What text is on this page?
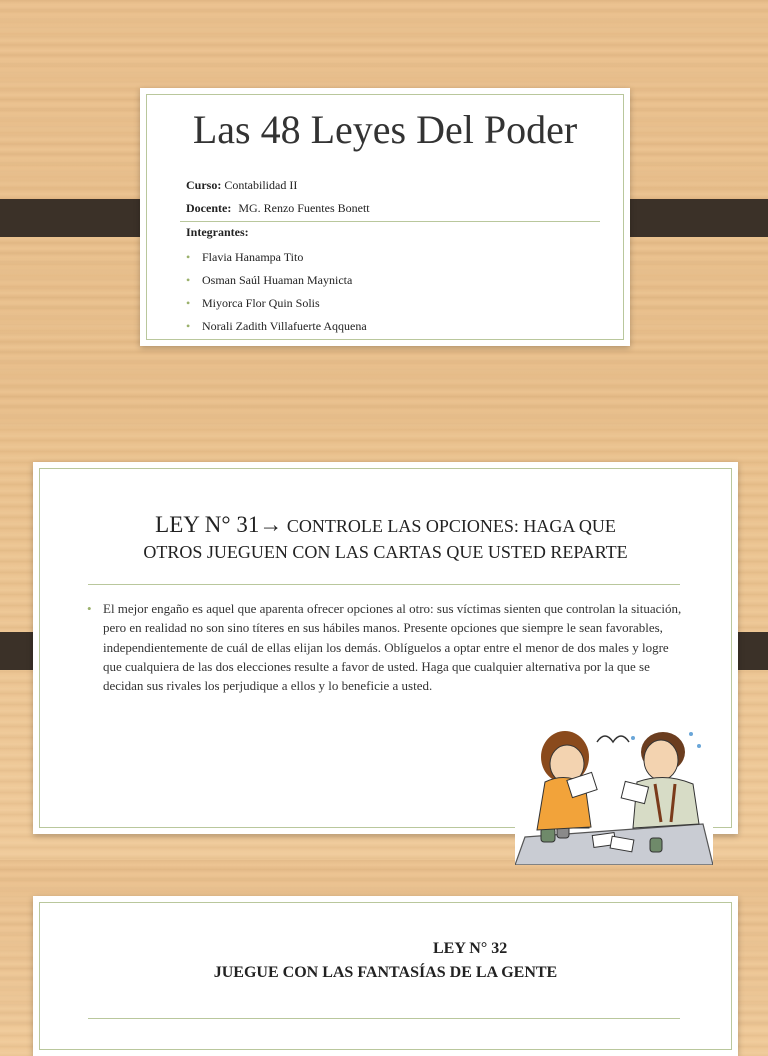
Las 48 Leyes Del Poder
Curso: Contabilidad II
Docente: MG. Renzo Fuentes Bonett
Integrantes:
• Flavia Hanampa Tito
• Osman Saúl Huaman Maynicta
• Miyorca Flor Quin Solis
• Norali Zadith Villafuerte Aqquena
LEY N° 31→ CONTROLE LAS OPCIONES: HAGA QUE
OTROS JUEGUEN CON LAS CARTAS QUE USTED REPARTE
• El mejor engaño es aquel que aparenta ofrecer opciones al otro: sus víctimas sienten que controlan la situación, pero en realidad no son sino títeres en sus hábiles manos. Presente opciones que siempre le sean favorables, independientemente de cuál de ellas elijan los demás. Oblíguelos a optar entre el menor de dos males y logre que cualquiera de las dos elecciones resulte a favor de usted. Haga que cualquier alternativa por la que se decidan sus rivales los perjudique a ellos y lo beneficie a usted.
LEY N° 32
JUEGUE CON LAS FANTASÍAS DE LA GENTE
